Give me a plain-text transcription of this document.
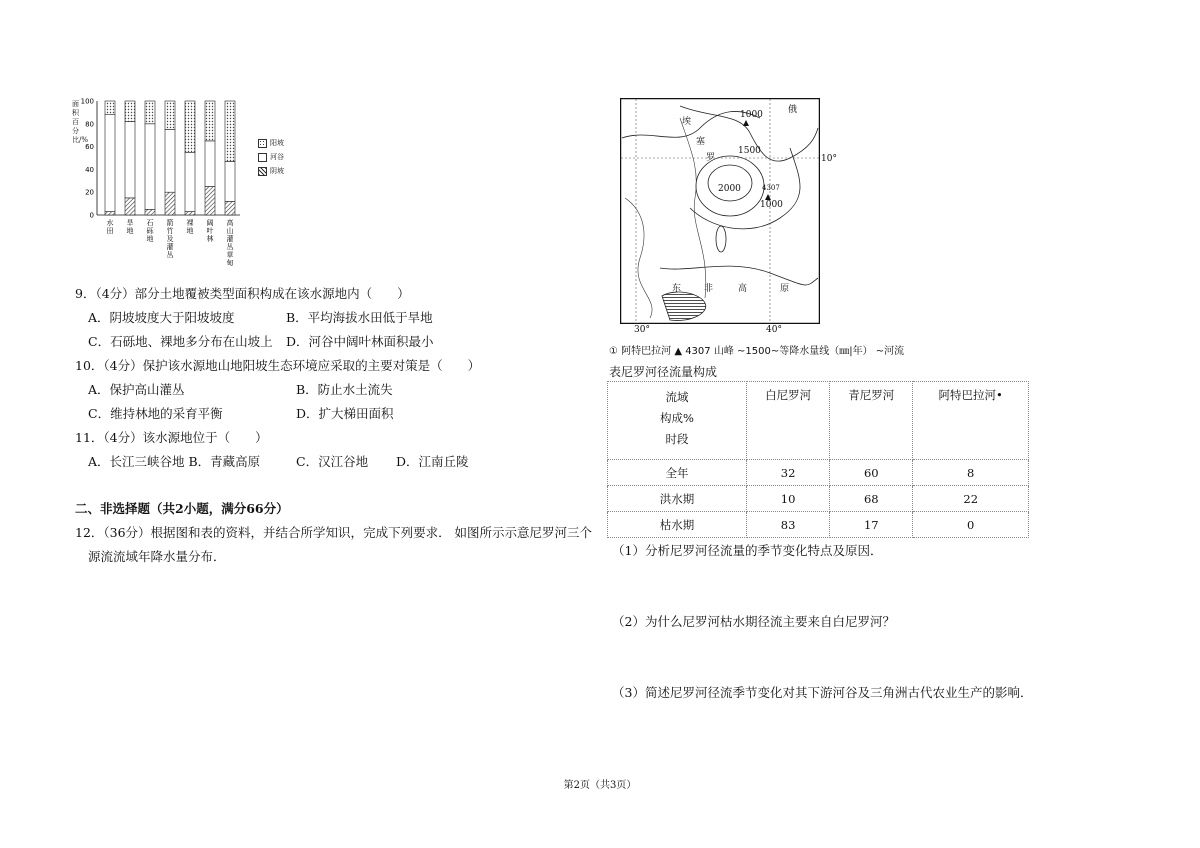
100
80
60
40
20
0
水
田
旱
地
石
砾
地
箭
竹
及
灌
丛
裸
地
阔
叶
林
高
山
灌
丛
草
甸
面积百分比/%	阳坡
河谷
阴坡
9．（4分）部分土地覆被类型面积构成在该水源地内（　　）
A．阴坡坡度大于阳坡坡度	B．平均海拔水田低于旱地
C．石砾地、裸地多分布在山坡上 D．河谷中阔叶林面积最小
10．（4分）保护该水源地山地阳坡生态环境应采取的主要对策是（　　）
A．保护高山灌丛	B．防止水土流失
C．维持林地的采育平衡	D．扩大梯田面积
11．（4分）该水源地位于（　　）
A．长江三峡谷地 B．青藏高原	C．汉江谷地 D．江南丘陵
二、非选择题（共2小题，满分66分）
12．（36分）根据图和表的资料，并结合所学知识，完成下列要求． 如图所示示意尼罗河三个
源流流域年降水量分布．
10°
30°	40°
1000
1500
2000
1000
4307
埃
塞
俄
罗
东	非	高	原
① 阿特巴拉河 ▲ 4307 山峰 ~1500~等降水量线（㎜|年） ~河流
表尼罗河径流量构成
流域
构成%
时段	白尼罗河	青尼罗河	阿特巴拉河•
全年	32	60	8
洪水期	10	68	22
枯水期	83	17	0
（1）分析尼罗河径流量的季节变化特点及原因．
（2）为什么尼罗河枯水期径流主要来自白尼罗河？
（3）简述尼罗河径流季节变化对其下游河谷及三角洲古代农业生产的影响．
第2页（共3页）
